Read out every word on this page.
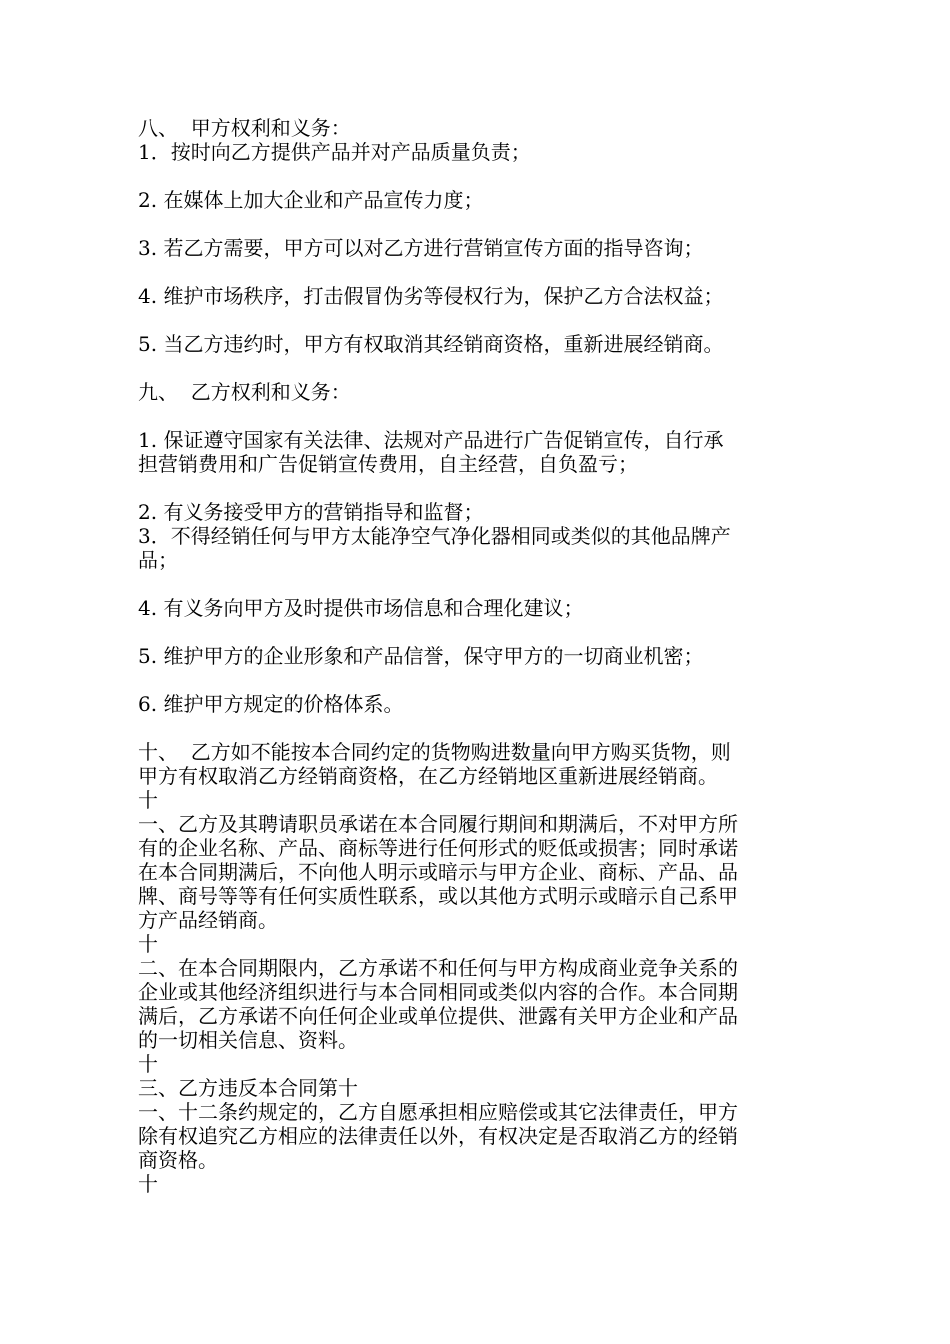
八、  甲方权利和义务：
1．按时向乙方提供产品并对产品质量负责；
2. 在媒体上加大企业和产品宣传力度；
3. 若乙方需要，甲方可以对乙方进行营销宣传方面的指导咨询；
4. 维护市场秩序，打击假冒伪劣等侵权行为，保护乙方合法权益；
5. 当乙方违约时，甲方有权取消其经销商资格，重新进展经销商。
九、  乙方权利和义务：
1. 保证遵守国家有关法律、法规对产品进行广告促销宣传，自行承
担营销费用和广告促销宣传费用，自主经营，自负盈亏；
2. 有义务接受甲方的营销指导和监督；
3．不得经销任何与甲方太能净空气净化器相同或类似的其他品牌产
品；
4. 有义务向甲方及时提供市场信息和合理化建议；
5. 维护甲方的企业形象和产品信誉，保守甲方的一切商业机密；
6. 维护甲方规定的价格体系。
十、  乙方如不能按本合同约定的货物购进数量向甲方购买货物，则
甲方有权取消乙方经销商资格，在乙方经销地区重新进展经销商。
十
一、乙方及其聘请职员承诺在本合同履行期间和期满后，不对甲方所
有的企业名称、产品、商标等进行任何形式的贬低或损害；同时承诺
在本合同期满后，不向他人明示或暗示与甲方企业、商标、产品、品
牌、商号等等有任何实质性联系，或以其他方式明示或暗示自己系甲
方产品经销商。
十
二、在本合同期限内，乙方承诺不和任何与甲方构成商业竞争关系的
企业或其他经济组织进行与本合同相同或类似内容的合作。本合同期
满后，乙方承诺不向任何企业或单位提供、泄露有关甲方企业和产品
的一切相关信息、资料。
十
三、乙方违反本合同第十
一、十二条约规定的，乙方自愿承担相应赔偿或其它法律责任，甲方
除有权追究乙方相应的法律责任以外，有权决定是否取消乙方的经销
商资格。
十
